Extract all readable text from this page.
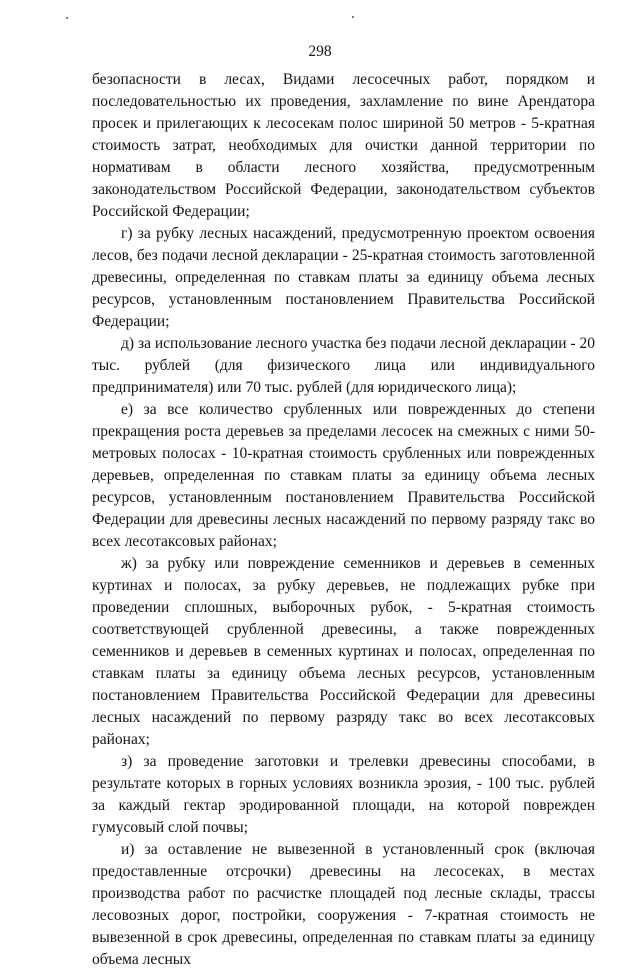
298

безопасности в лесах, Видами лесосечных работ, порядком и последовательностью их проведения, захламление по вине Арендатора просек и прилегающих к лесосекам полос шириной 50 метров - 5-кратная стоимость затрат, необходимых для очистки данной территории по нормативам в области лесного хозяйства, предусмотренным законодательством Российской Федерации, законодательством субъектов Российской Федерации;

г) за рубку лесных насаждений, предусмотренную проектом освоения лесов, без подачи лесной декларации - 25-кратная стоимость заготовленной древесины, определенная по ставкам платы за единицу объема лесных ресурсов, установленным постановлением Правительства Российской Федерации;

д) за использование лесного участка без подачи лесной декларации - 20 тыс. рублей (для физического лица или индивидуального предпринимателя) или 70 тыс. рублей (для юридического лица);

е) за все количество срубленных или поврежденных до степени прекращения роста деревьев за пределами лесосек на смежных с ними 50-метровых полосах - 10-кратная стоимость срубленных или поврежденных деревьев, определенная по ставкам платы за единицу объема лесных ресурсов, установленным постановлением Правительства Российской Федерации для древесины лесных насаждений по первому разряду такс во всех лесотаксовых районах;

ж) за рубку или повреждение семенников и деревьев в семенных куртинах и полосах, за рубку деревьев, не подлежащих рубке при проведении сплошных, выборочных рубок, - 5-кратная стоимость соответствующей срубленной древесины, а также поврежденных семенников и деревьев в семенных куртинах и полосах, определенная по ставкам платы за единицу объема лесных ресурсов, установленным постановлением Правительства Российской Федерации для древесины лесных насаждений по первому разряду такс во всех лесотаксовых районах;

з) за проведение заготовки и трелевки древесины способами, в результате которых в горных условиях возникла эрозия, - 100 тыс. рублей за каждый гектар эродированной площади, на которой поврежден гумусовый слой почвы;

и) за оставление не вывезенной в установленный срок (включая предоставленные отсрочки) древесины на лесосеках, в местах производства работ по расчистке площадей под лесные склады, трассы лесовозных дорог, постройки, сооружения - 7-кратная стоимость не вывезенной в срок древесины, определенная по ставкам платы за единицу объема лесных
